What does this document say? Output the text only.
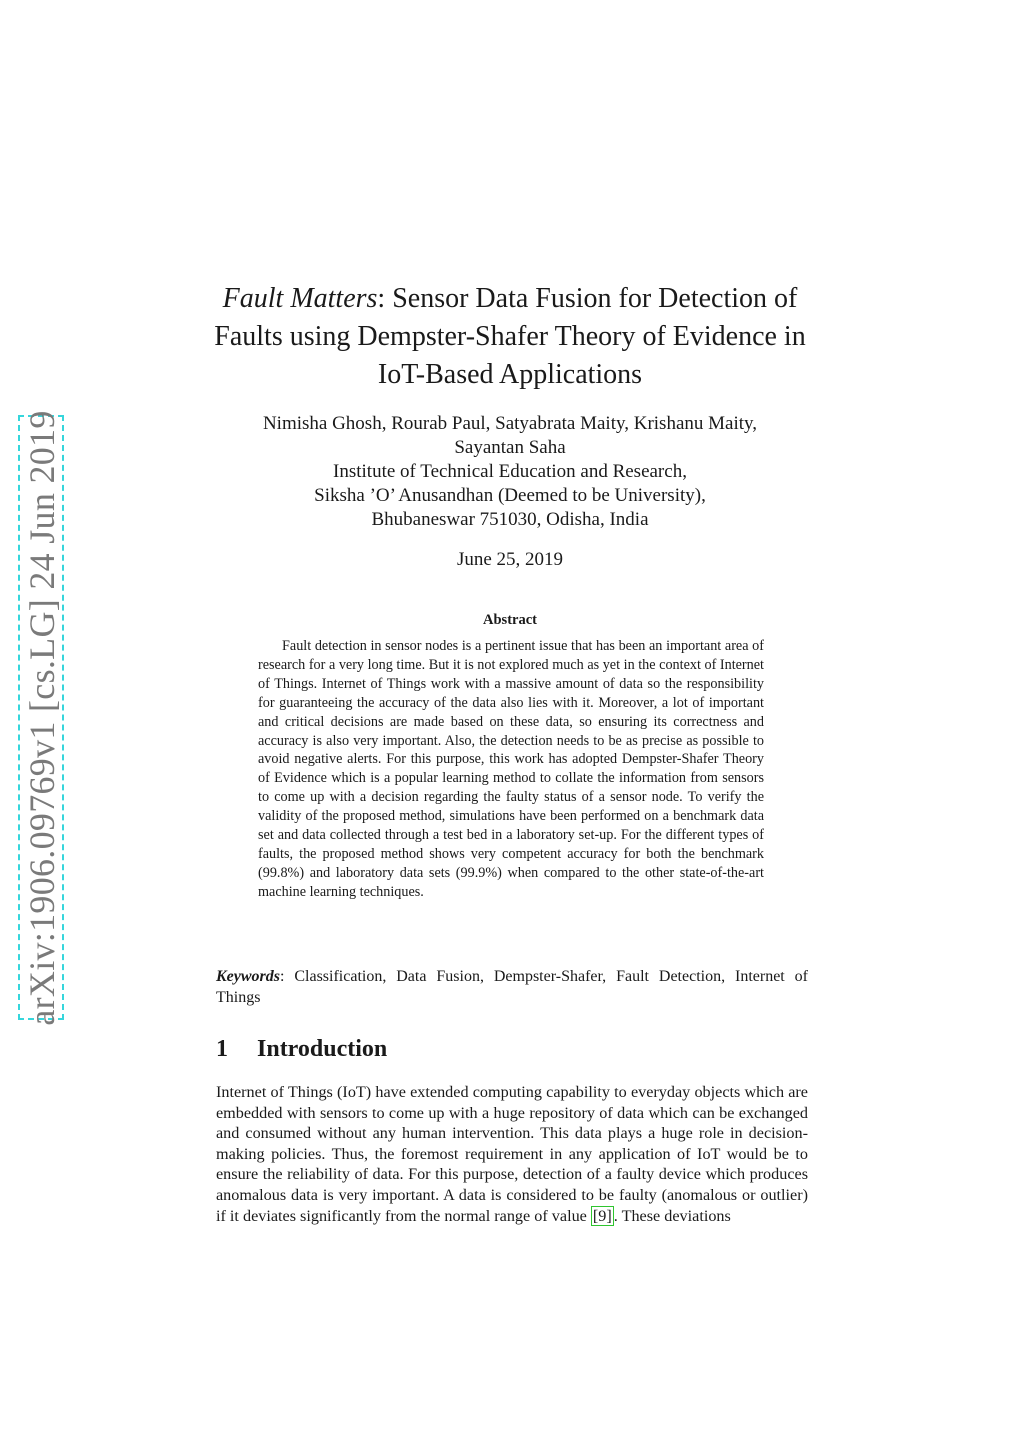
arXiv:1906.09769v1 [cs.LG] 24 Jun 2019
Fault Matters: Sensor Data Fusion for Detection of Faults using Dempster-Shafer Theory of Evidence in IoT-Based Applications
Nimisha Ghosh, Rourab Paul, Satyabrata Maity, Krishanu Maity,
Sayantan Saha
Institute of Technical Education and Research,
Siksha ’O’ Anusandhan (Deemed to be University),
Bhubaneswar 751030, Odisha, India
June 25, 2019
Abstract

Fault detection in sensor nodes is a pertinent issue that has been an important area of research for a very long time. But it is not explored much as yet in the context of Internet of Things. Internet of Things work with a massive amount of data so the responsibility for guaranteeing the accuracy of the data also lies with it. Moreover, a lot of important and critical decisions are made based on these data, so ensuring its correctness and accuracy is also very important. Also, the detection needs to be as precise as possible to avoid negative alerts. For this purpose, this work has adopted Dempster-Shafer Theory of Evidence which is a popular learning method to collate the information from sensors to come up with a decision regarding the faulty status of a sensor node. To verify the validity of the proposed method, simulations have been performed on a benchmark data set and data collected through a test bed in a laboratory set-up. For the different types of faults, the proposed method shows very competent accuracy for both the benchmark (99.8%) and laboratory data sets (99.9%) when compared to the other state-of-the-art machine learning techniques.

Keywords: Classification, Data Fusion, Dempster-Shafer, Fault Detection, Internet of Things

1 Introduction

Internet of Things (IoT) have extended computing capability to everyday objects which are embedded with sensors to come up with a huge repository of data which can be exchanged and consumed without any human intervention. This data plays a huge role in decision-making policies. Thus, the foremost requirement in any application of IoT would be to ensure the reliability of data. For this purpose, detection of a faulty device which produces anomalous data is very important. A data is considered to be faulty (anomalous or outlier) if it deviates significantly from the normal range of value [9] . These deviations
